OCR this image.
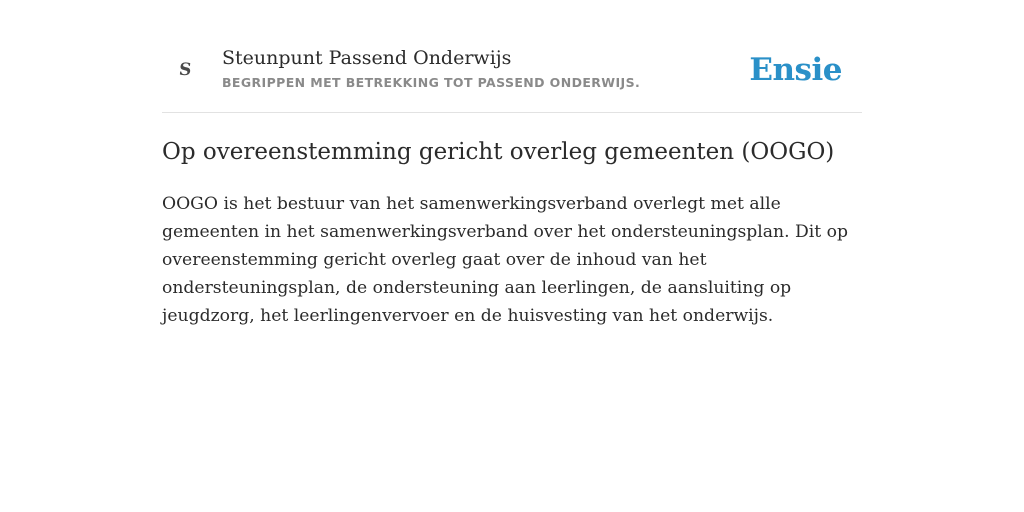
S
Steunpunt Passend Onderwijs
BEGRIPPEN MET BETREKKING TOT PASSEND ONDERWIJS.	Ensie
Op overeenstemming gericht overleg gemeenten (OOGO)

OOGO is het bestuur van het samenwerkingsverband overlegt met alle gemeenten in het samenwerkingsverband over het ondersteuningsplan. Dit op overeenstemming gericht overleg gaat over de inhoud van het ondersteuningsplan, de ondersteuning aan leerlingen, de aansluiting op jeugdzorg, het leerlingenvervoer en de huisvesting van het onderwijs.
